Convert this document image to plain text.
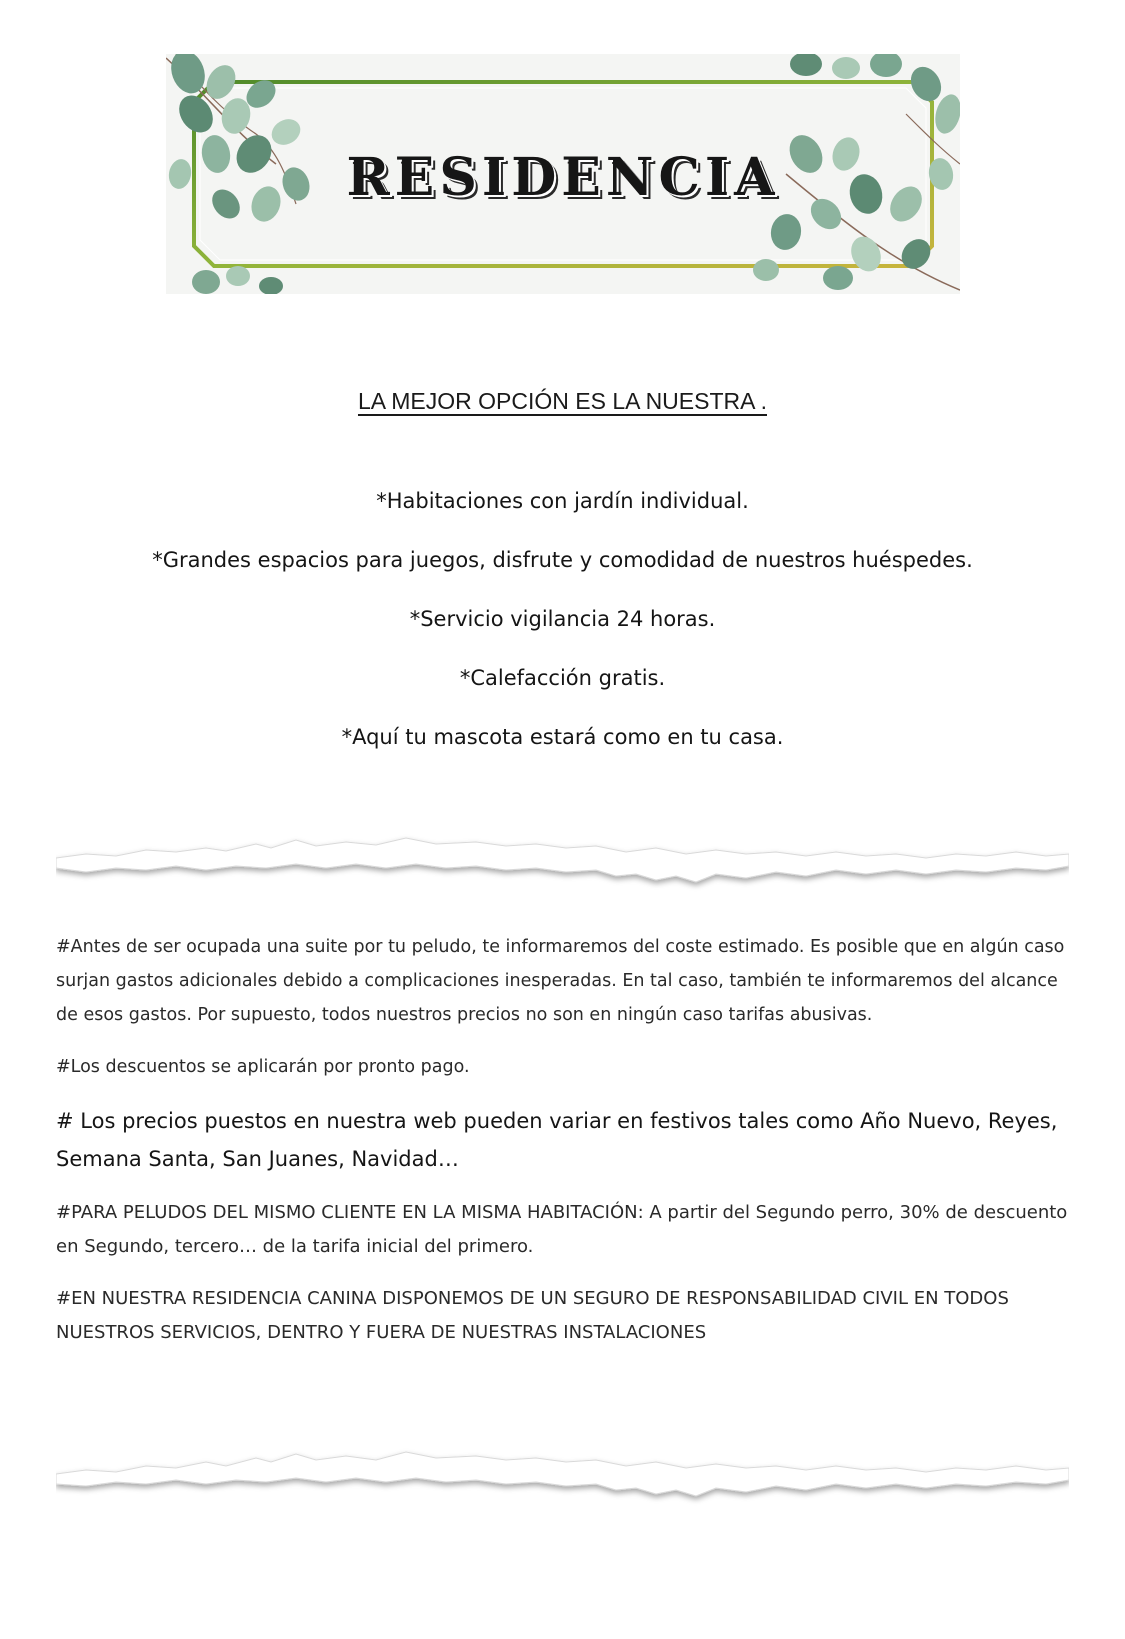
RESIDENCIA
LA MEJOR OPCIÓN ES LA NUESTRA .
*Habitaciones con jardín individual.
*Grandes espacios para juegos, disfrute y comodidad de nuestros huéspedes.
*Servicio vigilancia 24 horas.
*Calefacción gratis.
*Aquí tu mascota estará como en tu casa.

#Antes de ser ocupada una suite por tu peludo, te informaremos del coste estimado. Es posible que en algún caso surjan gastos adicionales debido a complicaciones inesperadas. En tal caso, también te informaremos del alcance de esos gastos. Por supuesto, todos nuestros precios no son en ningún caso tarifas abusivas.

#Los descuentos se aplicarán por pronto pago.

# Los precios puestos en nuestra web pueden variar en festivos tales como Año Nuevo, Reyes, Semana Santa, San Juanes, Navidad…

#PARA PELUDOS DEL MISMO CLIENTE EN LA MISMA HABITACIÓN: A partir del Segundo perro, 30% de descuento en Segundo, tercero… de la tarifa inicial del primero.

#EN NUESTRA RESIDENCIA CANINA DISPONEMOS DE UN SEGURO DE RESPONSABILIDAD CIVIL EN TODOS NUESTROS SERVICIOS, DENTRO Y FUERA DE NUESTRAS INSTALACIONES
